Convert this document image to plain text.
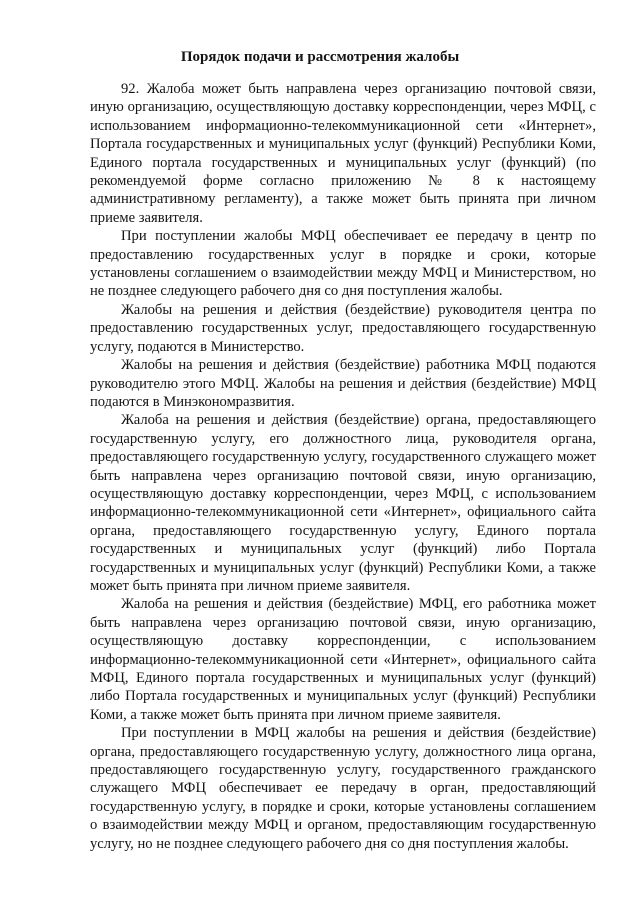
Порядок подачи и рассмотрения жалобы

92. Жалоба может быть направлена через организацию почтовой связи, иную организацию, осуществляющую доставку корреспонденции, через МФЦ, с использованием информационно-телекоммуникационной сети «Интернет», Портала государственных и муниципальных услуг (функций) Республики Коми, Единого портала государственных и муниципальных услуг (функций) (по рекомендуемой форме согласно приложению № 8 к настоящему административному регламенту), а также может быть принята при личном приеме заявителя.

При поступлении жалобы МФЦ обеспечивает ее передачу в центр по предоставлению государственных услуг в порядке и сроки, которые установлены соглашением о взаимодействии между МФЦ и Министерством, но не позднее следующего рабочего дня со дня поступления жалобы.

Жалобы на решения и действия (бездействие) руководителя центра по предоставлению государственных услуг, предоставляющего государственную услугу, подаются в Министерство.

Жалобы на решения и действия (бездействие) работника МФЦ подаются руководителю этого МФЦ. Жалобы на решения и действия (бездействие) МФЦ подаются в Минэкономразвития.

Жалоба на решения и действия (бездействие) органа, предоставляющего государственную услугу, его должностного лица, руководителя органа, предоставляющего государственную услугу, государственного служащего может быть направлена через организацию почтовой связи, иную организацию, осуществляющую доставку корреспонденции, через МФЦ, с использованием информационно-телекоммуникационной сети «Интернет», официального сайта органа, предоставляющего государственную услугу, Единого портала государственных и муниципальных услуг (функций) либо Портала государственных и муниципальных услуг (функций) Республики Коми, а также может быть принята при личном приеме заявителя.

Жалоба на решения и действия (бездействие) МФЦ, его работника может быть направлена через организацию почтовой связи, иную организацию, осуществляющую доставку корреспонденции, с использованием информационно-телекоммуникационной сети «Интернет», официального сайта МФЦ, Единого портала государственных и муниципальных услуг (функций) либо Портала государственных и муниципальных услуг (функций) Республики Коми, а также может быть принята при личном приеме заявителя.

При поступлении в МФЦ жалобы на решения и действия (бездействие) органа, предоставляющего государственную услугу, должностного лица органа, предоставляющего государственную услугу, государственного гражданского служащего МФЦ обеспечивает ее передачу в орган, предоставляющий государственную услугу, в порядке и сроки, которые установлены соглашением о взаимодействии между МФЦ и органом, предоставляющим государственную услугу, но не позднее следующего рабочего дня со дня поступления жалобы.
